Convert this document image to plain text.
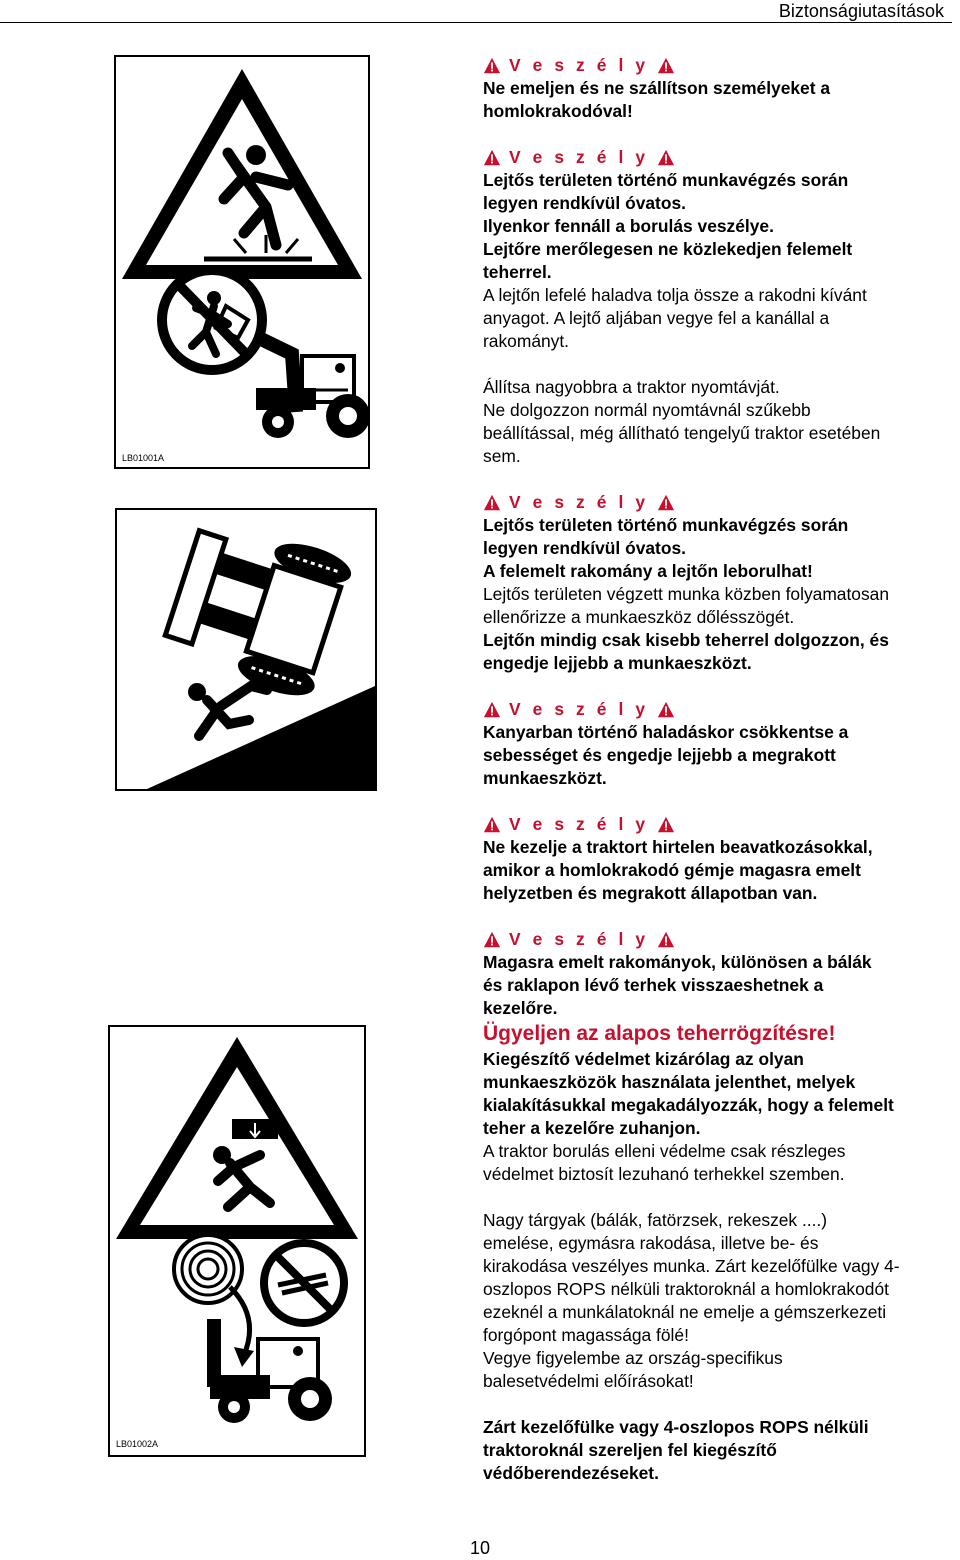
Biztonságiutasítások
LB01001A
LB01002A
V e s z é l y
Ne emeljen és ne szállítson személyeket a
homlokrakodóval!
V e s z é l y
Lejtős területen történő munkavégzés során
legyen rendkívül óvatos.
Ilyenkor fennáll a borulás veszélye.
Lejtőre merőlegesen ne közlekedjen felemelt
teherrel.
A lejtőn lefelé haladva tolja össze a rakodni kívánt
anyagot. A lejtő aljában vegye fel a kanállal a
rakományt.
Állítsa nagyobbra a traktor nyomtávját.
Ne dolgozzon normál nyomtávnál szűkebb
beállítással, még állítható tengelyű traktor esetében
sem.
V e s z é l y
Lejtős területen történő munkavégzés során
legyen rendkívül óvatos.
A felemelt rakomány a lejtőn leborulhat!
Lejtős területen végzett munka közben folyamatosan
ellenőrizze a munkaeszköz dőlésszögét.
Lejtőn mindig csak kisebb teherrel dolgozzon, és
engedje lejjebb a munkaeszközt.
V e s z é l y
Kanyarban történő haladáskor csökkentse a
sebességet és engedje lejjebb a megrakott
munkaeszközt.
V e s z é l y
Ne kezelje a traktort hirtelen beavatkozásokkal,
amikor a homlokrakodó gémje magasra emelt
helyzetben és megrakott állapotban van.
V e s z é l y
Magasra emelt rakományok, különösen a bálák
és raklapon lévő terhek visszaeshetnek a
kezelőre.
Ügyeljen az alapos teherrögzítésre!
Kiegészítő védelmet kizárólag az olyan
munkaeszközök használata jelenthet, melyek
kialakításukkal megakadályozzák, hogy a felemelt
teher a kezelőre zuhanjon.
A traktor borulás elleni védelme csak részleges
védelmet biztosít lezuhanó terhekkel szemben.
Nagy tárgyak (bálák, fatörzsek, rekeszek ....)
emelése, egymásra rakodása, illetve be- és
kirakodása veszélyes munka. Zárt kezelőfülke vagy 4-
oszlopos ROPS nélküli traktoroknál a homlokrakodót
ezeknél a munkálatoknál ne emelje a gémszerkezeti
forgópont magassága fölé!
Vegye figyelembe az ország-specifikus
balesetvédelmi előírásokat!
Zárt kezelőfülke vagy 4-oszlopos ROPS nélküli
traktoroknál szereljen fel kiegészítő
védőberendezéseket.
10
